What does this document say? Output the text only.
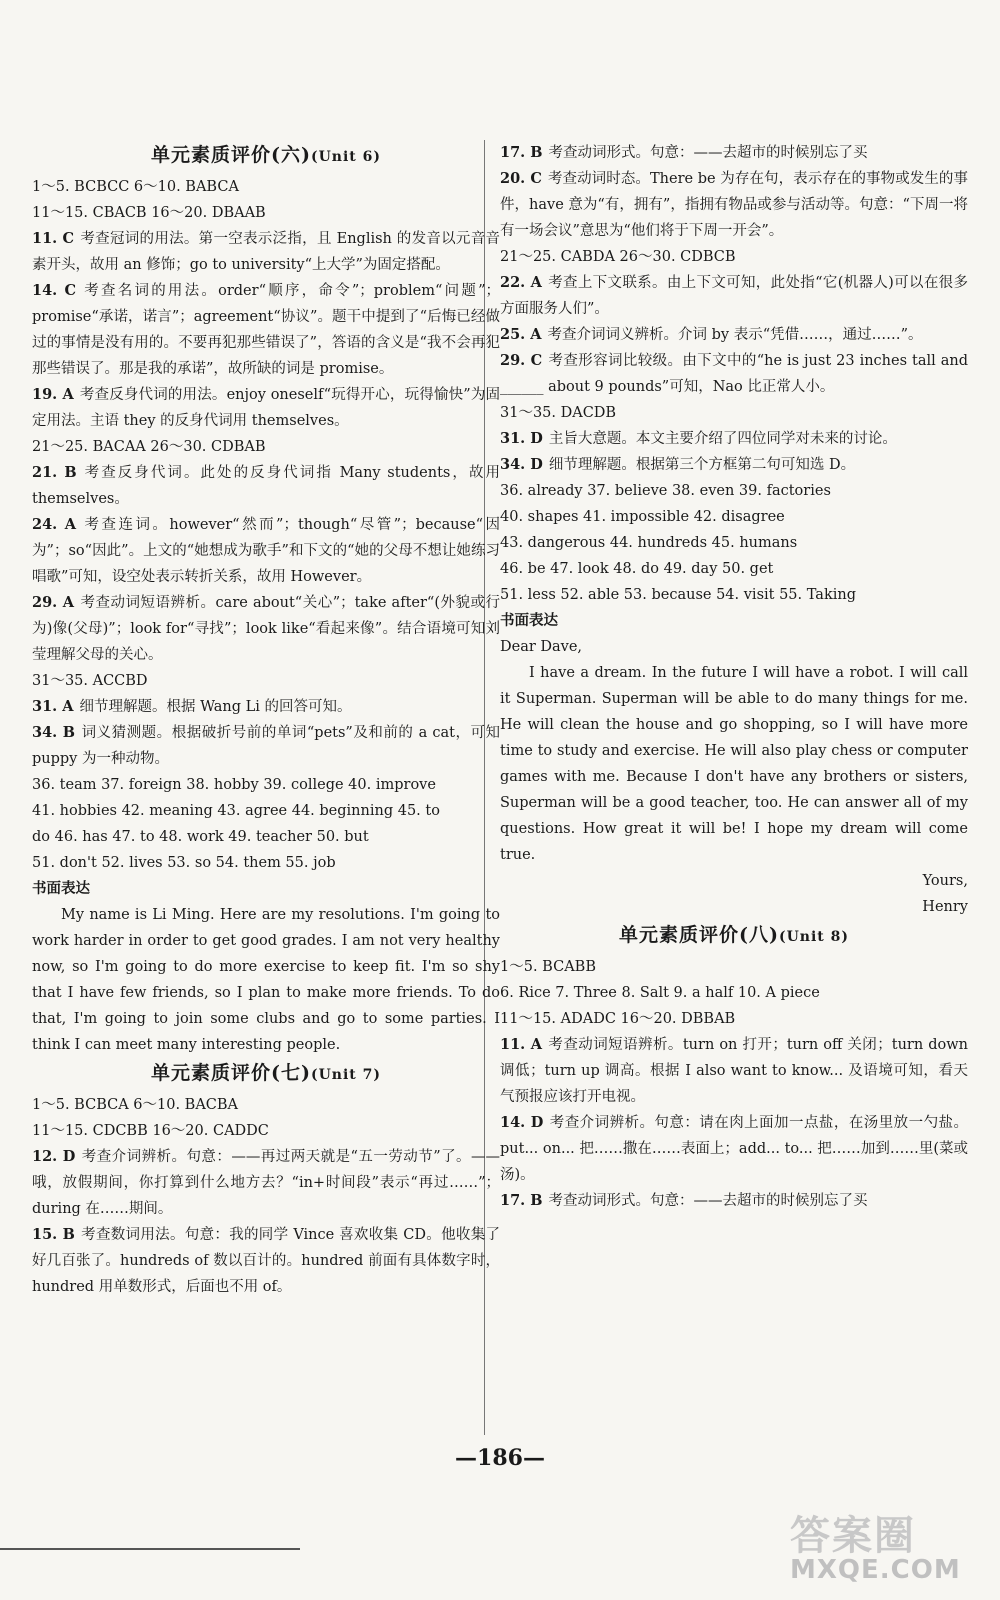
单元素质评价(六)(Unit 6)

1～5. BCBCC 6～10. BABCA

11～15. CBACB 16～20. DBAAB

11. C 考查冠词的用法。第一空表示泛指，且 English 的发音以元音音素开头，故用 an 修饰；go to university“上大学”为固定搭配。

14. C 考查名词的用法。order“顺序，命令”；problem“问题”；promise“承诺，诺言”；agreement“协议”。题干中提到了“后悔已经做过的事情是没有用的。不要再犯那些错误了”，答语的含义是“我不会再犯那些错误了。那是我的承诺”，故所缺的词是 promise。

19. A 考查反身代词的用法。enjoy oneself“玩得开心，玩得愉快”为固定用法。主语 they 的反身代词用 themselves。

21～25. BACAA 26～30. CDBAB

21. B 考查反身代词。此处的反身代词指 Many students，故用 themselves。

24. A 考查连词。however“然而”；though“尽管”；because“因为”；so“因此”。上文的“她想成为歌手”和下文的“她的父母不想让她练习唱歌”可知，设空处表示转折关系，故用 However。

29. A 考查动词短语辨析。care about“关心”；take after“(外貌或行为)像(父母)”；look for“寻找”；look like“看起来像”。结合语境可知刘莹理解父母的关心。

31～35. ACCBD

31. A 细节理解题。根据 Wang Li 的回答可知。

34. B 词义猜测题。根据破折号前的单词“pets”及和前的 a cat，可知 puppy 为一种动物。

36. team 37. foreign 38. hobby 39. college 40. improve

41. hobbies 42. meaning 43. agree 44. beginning 45. to

do 46. has 47. to 48. work 49. teacher 50. but

51. don't 52. lives 53. so 54. them 55. job

书面表达

My name is Li Ming. Here are my resolutions. I'm going to work harder in order to get good grades. I am not very healthy now, so I'm going to do more exercise to keep fit. I'm so shy that I have few friends, so I plan to make more friends. To do that, I'm going to join some clubs and go to some parties. I think I can meet many interesting people.

单元素质评价(七)(Unit 7)

1～5. BCBCA 6～10. BACBA

11～15. CDCBB 16～20. CADDC

12. D 考查介词辨析。句意：——再过两天就是“五一劳动节”了。——哦，放假期间，你打算到什么地方去？“in+时间段”表示“再过……”；during 在……期间。

15. B 考查数词用法。句意：我的同学 Vince 喜欢收集 CD。他收集了好几百张了。hundreds of 数以百计的。hundred 前面有具体数字时，hundred 用单数形式，后面也不用 of。

17. B 考查动词形式。句意：——去超市的时候别忘了买

20. C 考查动词时态。There be 为存在句，表示存在的事物或发生的事件，have 意为“有，拥有”，指拥有物品或参与活动等。句意：“下周一将有一场会议”意思为“他们将于下周一开会”。

21～25. CABDA 26～30. CDBCB

22. A 考查上下文联系。由上下文可知，此处指“它(机器人)可以在很多方面服务人们”。

25. A 考查介词词义辨析。介词 by 表示“凭借……，通过……”。

29. C 考查形容词比较级。由下文中的“he is just 23 inches tall and ______ about 9 pounds”可知，Nao 比正常人小。

31～35. DACDB

31. D 主旨大意题。本文主要介绍了四位同学对未来的讨论。

34. D 细节理解题。根据第三个方框第二句可知选 D。

36. already 37. believe 38. even 39. factories

40. shapes 41. impossible 42. disagree

43. dangerous 44. hundreds 45. humans

46. be 47. look 48. do 49. day 50. get

51. less 52. able 53. because 54. visit 55. Taking

书面表达

Dear Dave,

I have a dream. In the future I will have a robot. I will call it Superman. Superman will be able to do many things for me. He will clean the house and go shopping, so I will have more time to study and exercise. He will also play chess or computer games with me. Because I don't have any brothers or sisters, Superman will be a good teacher, too. He can answer all of my questions. How great it will be! I hope my dream will come true.

Yours,

Henry

单元素质评价(八)(Unit 8)

1～5. BCABB

6. Rice 7. Three 8. Salt 9. a half 10. A piece

11～15. ADADC 16～20. DBBAB

11. A 考查动词短语辨析。turn on 打开；turn off 关闭；turn down 调低；turn up 调高。根据 I also want to know... 及语境可知，看天气预报应该打开电视。

14. D 考查介词辨析。句意：请在肉上面加一点盐，在汤里放一勺盐。put... on... 把……撒在……表面上；add... to... 把……加到……里(菜或汤)。

17. B 考查动词形式。句意：——去超市的时候别忘了买

—186—
答案圈
MXQE.COM
